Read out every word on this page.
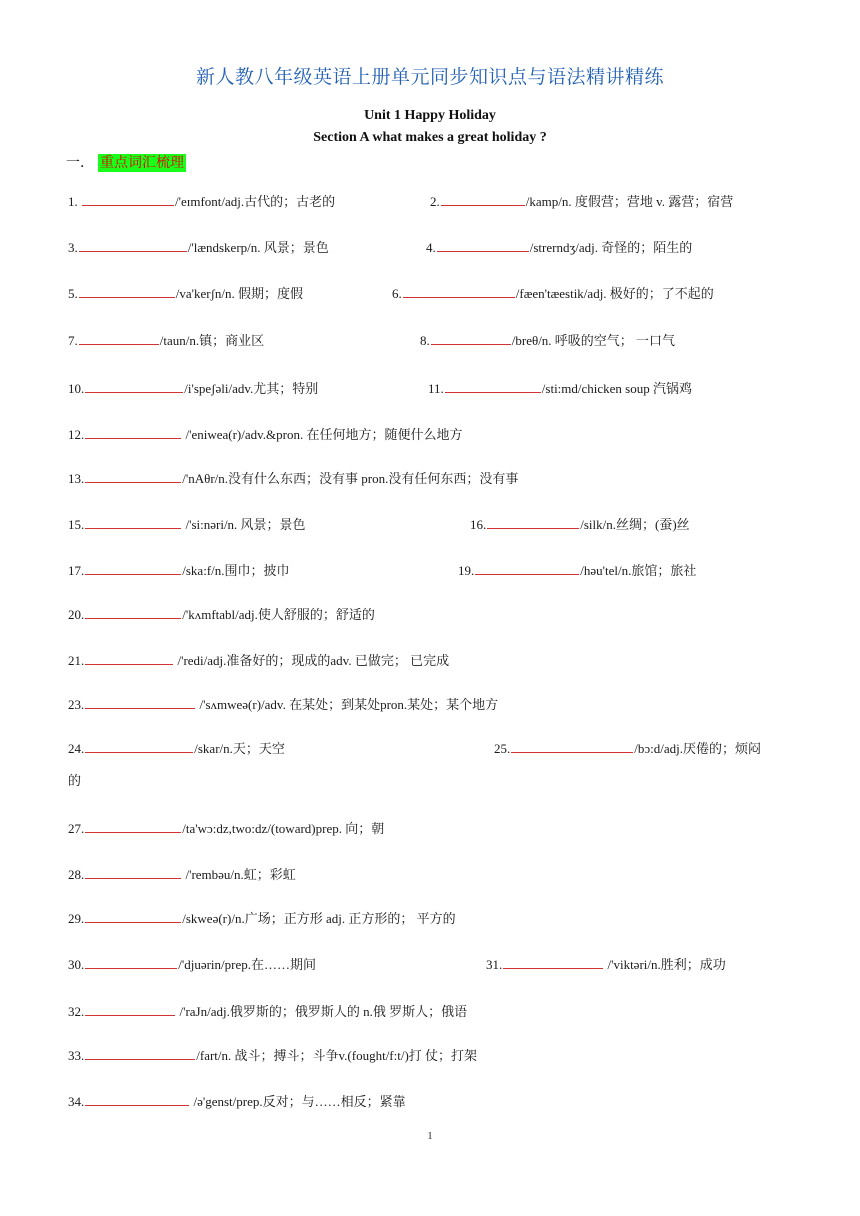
新人教八年级英语上册单元同步知识点与语法精讲精练
Unit 1 Happy Holiday
Section A what makes a great holiday ?
一． 重点词汇梳理
1.	/'eɪmfont/adj.古代的；古老的	2.	/kamp/n. 度假营；营地 v. 露营；宿营
3.	/'lændskerp/n. 风景；景色	4.	/strerndʒ/adj. 奇怪的；陌生的
5.	/va'kerʃn/n. 假期；度假	6.	/fæen'tæestik/adj. 极好的；了不起的
7.	/taun/n.镇；商业区	8.	/breθ/n. 呼吸的空气； 一口气
10.	/i'speʃəli/adv.尤其；特别	11.	/sti:md/chicken soup 汽锅鸡
12.	/'eniwea(r)/adv.&pron. 在任何地方；随便什么地方
13.	/'nAθr/n.没有什么东西；没有事 pron.没有任何东西；没有事
15.	/'si:nəri/n. 风景；景色	16.	/silk/n.丝绸；(蚕)丝
17.	/ska:f/n.围巾；披巾	19.	/həu'tel/n.旅馆；旅社
20.	/'kʌmftabl/adj.使人舒服的；舒适的
21.	/'redi/adj.准备好的；现成的adv. 已做完； 已完成
23.	/'sʌmweə(r)/adv. 在某处；到某处pron.某处；某个地方
24.	/skar/n.天；天空	25.	/bɔ:d/adj.厌倦的；烦闷
的
27.	/ta'wɔ:dz,two:dz/(toward)prep. 向；朝
28.	/'rembəu/n.虹；彩虹
29.	/skweə(r)/n.广场；正方形 adj. 正方形的； 平方的
30.	/'djuərin/prep.在……期间	31.	/'viktəri/n.胜利；成功
32.	/'raJn/adj.俄罗斯的；俄罗斯人的 n.俄 罗斯人；俄语
33.	/fart/n. 战斗；搏斗；斗争v.(fought/f:t/)打 仗；打架
34.	/ə'genst/prep.反对；与……相反；紧靠
1
